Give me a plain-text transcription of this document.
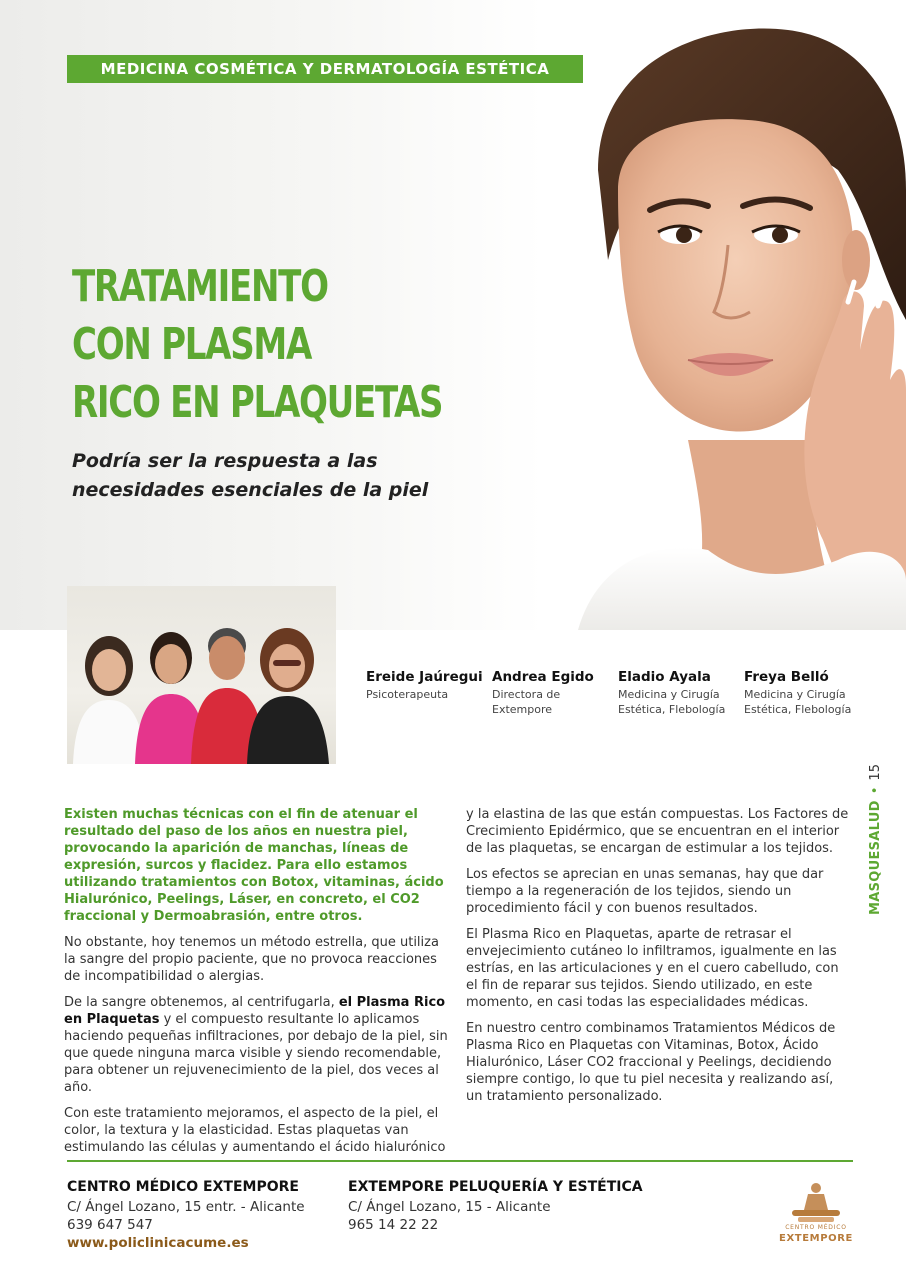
MEDICINA COSMÉTICA Y DERMATOLOGÍA ESTÉTICA
TRATAMIENTO
CON PLASMA
RICO EN PLAQUETAS
Podría ser la respuesta a las
necesidades esenciales de la piel
Ereide Jaúregui
Psicoterapeuta
Andrea Egido
Directora de
Extempore
Eladio Ayala
Medicina y Cirugía
Estética, Flebología
Freya Belló
Medicina y Cirugía
Estética, Flebología
MASQUESALUD•15

Existen muchas técnicas con el fin de atenuar el resultado del paso de los años en nuestra piel, provocando la aparición de manchas, líneas de expresión, surcos y flacidez. Para ello estamos utilizando tratamientos con Botox, vitaminas, ácido Hialurónico, Peelings, Láser, en concreto, el CO2 fraccional y Dermoabrasión, entre otros.

No obstante, hoy tenemos un método estrella, que utiliza la sangre del propio paciente, que no provoca reacciones de incompatibilidad o alergias.

De la sangre obtenemos, al centrifugarla, el Plasma Rico en Plaquetas y el compuesto resultante lo aplicamos haciendo pequeñas infiltraciones, por debajo de la piel, sin que quede ninguna marca visible y siendo recomendable, para obtener un rejuvenecimiento de la piel, dos veces al año.

Con este tratamiento mejoramos, el aspecto de la piel, el color, la textura y la elasticidad. Estas plaquetas van estimulando las células y aumentando el ácido hialurónico

y la elastina de las que están compuestas. Los Factores de Crecimiento Epidérmico, que se encuentran en el interior de las plaquetas, se encargan de estimular a los tejidos.

Los efectos se aprecian en unas semanas, hay que dar tiempo a la regeneración de los tejidos, siendo un procedimiento fácil y con buenos resultados.

El Plasma Rico en Plaquetas, aparte de retrasar el envejecimiento cutáneo lo infiltramos, igualmente en las estrías, en las articulaciones y en el cuero cabelludo, con el fin de reparar sus tejidos. Siendo utilizado, en este momento, en casi todas las especialidades médicas.

En nuestro centro combinamos Tratamientos Médicos de Plasma Rico en Plaquetas con Vitaminas, Botox, Ácido Hialurónico, Láser CO2 fraccional y Peelings, decidiendo siempre contigo, lo que tu piel necesita y realizando así, un tratamiento personalizado.

CENTRO MÉDICO EXTEMPORE
C/ Ángel Lozano, 15 entr. - Alicante
639 647 547
www.policlinicacume.es
EXTEMPORE PELUQUERÍA Y ESTÉTICA
C/ Ángel Lozano, 15 - Alicante
965 14 22 22	CENTRO MÉDICO
EXTEMPORE
